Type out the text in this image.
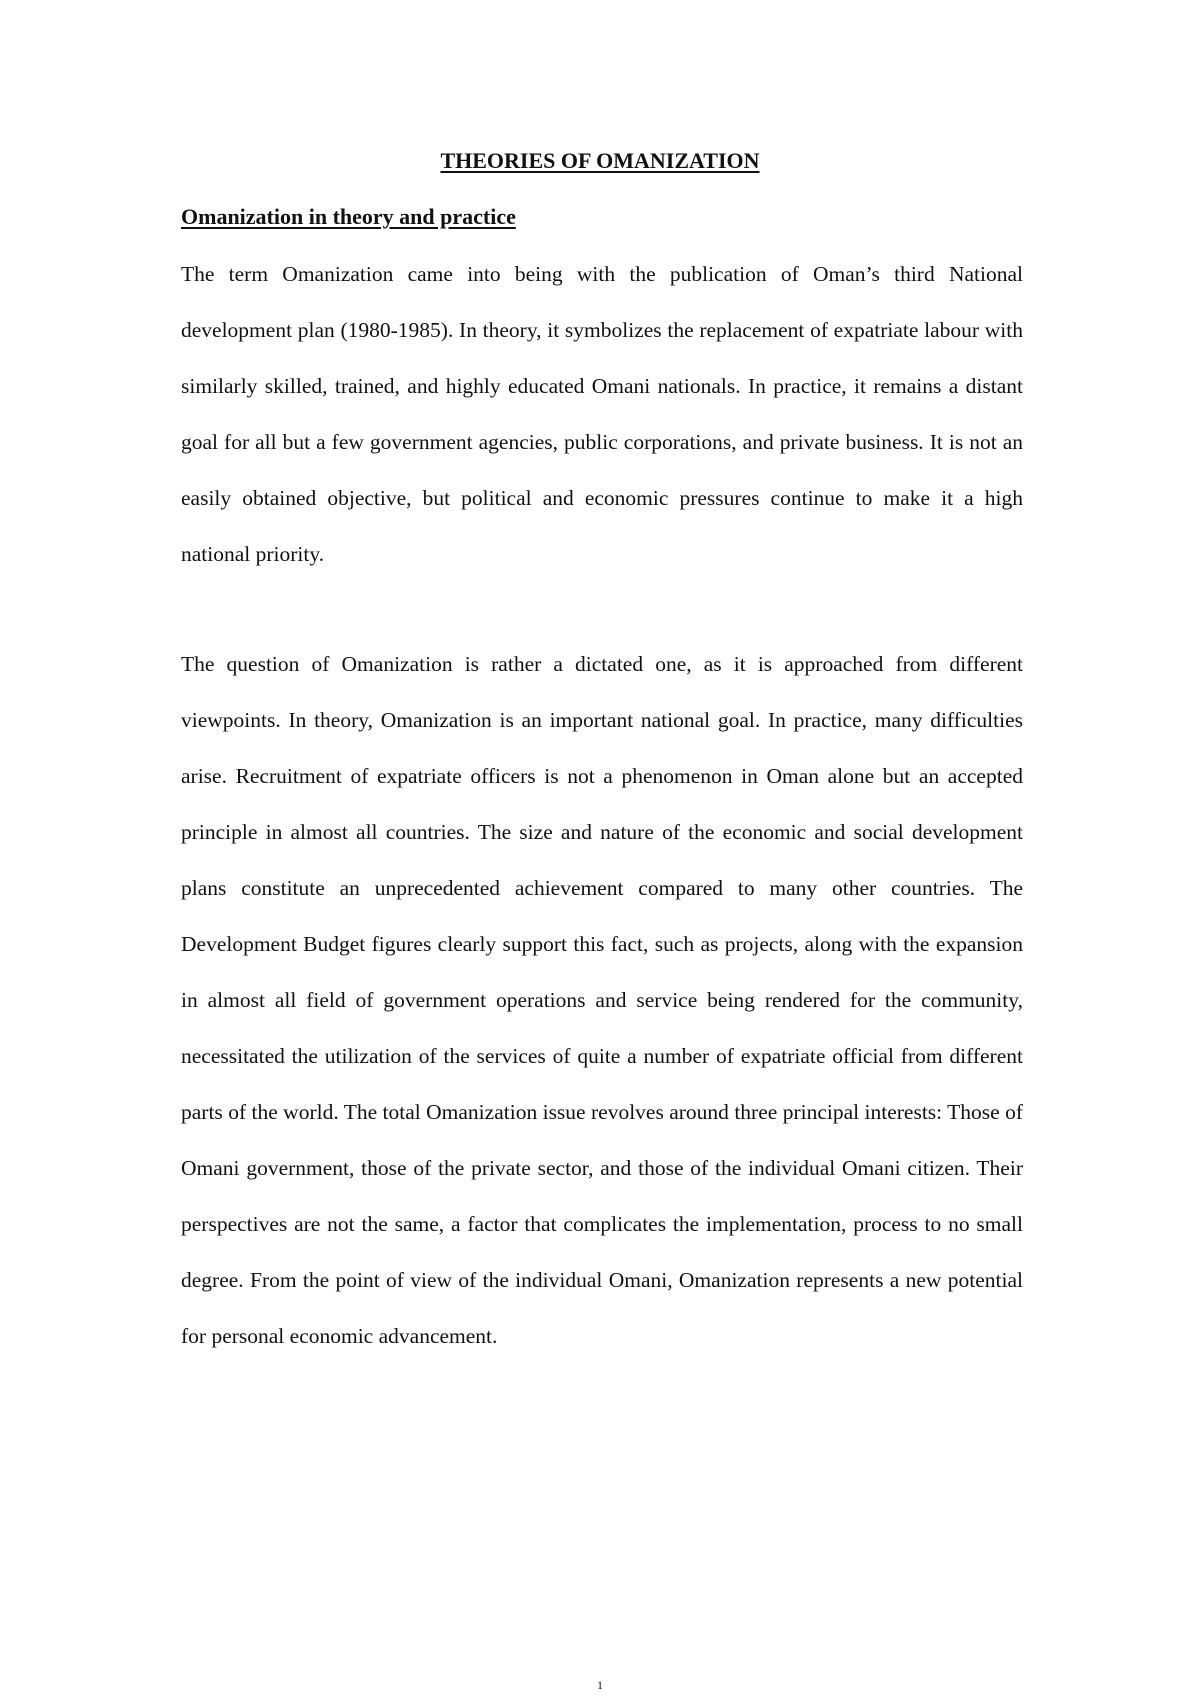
THEORIES OF OMANIZATION
Omanization in theory and practice

The term Omanization came into being with the publication of Oman’s third National development plan (1980-1985). In theory, it symbolizes the replacement of expatriate labour with similarly skilled, trained, and highly educated Omani nationals. In practice, it remains a distant goal for all but a few government agencies, public corporations, and private business. It is not an easily obtained objective, but political and economic pressures continue to make it a high national priority.

The question of Omanization is rather a dictated one, as it is approached from different viewpoints. In theory, Omanization is an important national goal. In practice, many difficulties arise. Recruitment of expatriate officers is not a phenomenon in Oman alone but an accepted principle in almost all countries. The size and nature of the economic and social development plans constitute an unprecedented achievement compared to many other countries. The Development Budget figures clearly support this fact, such as projects, along with the expansion in almost all field of government operations and service being rendered for the community, necessitated the utilization of the services of quite a number of expatriate official from different parts of the world. The total Omanization issue revolves around three principal interests: Those of Omani government, those of the private sector, and those of the individual Omani citizen. Their perspectives are not the same, a factor that complicates the implementation, process to no small degree. From the point of view of the individual Omani, Omanization represents a new potential for personal economic advancement.

1
